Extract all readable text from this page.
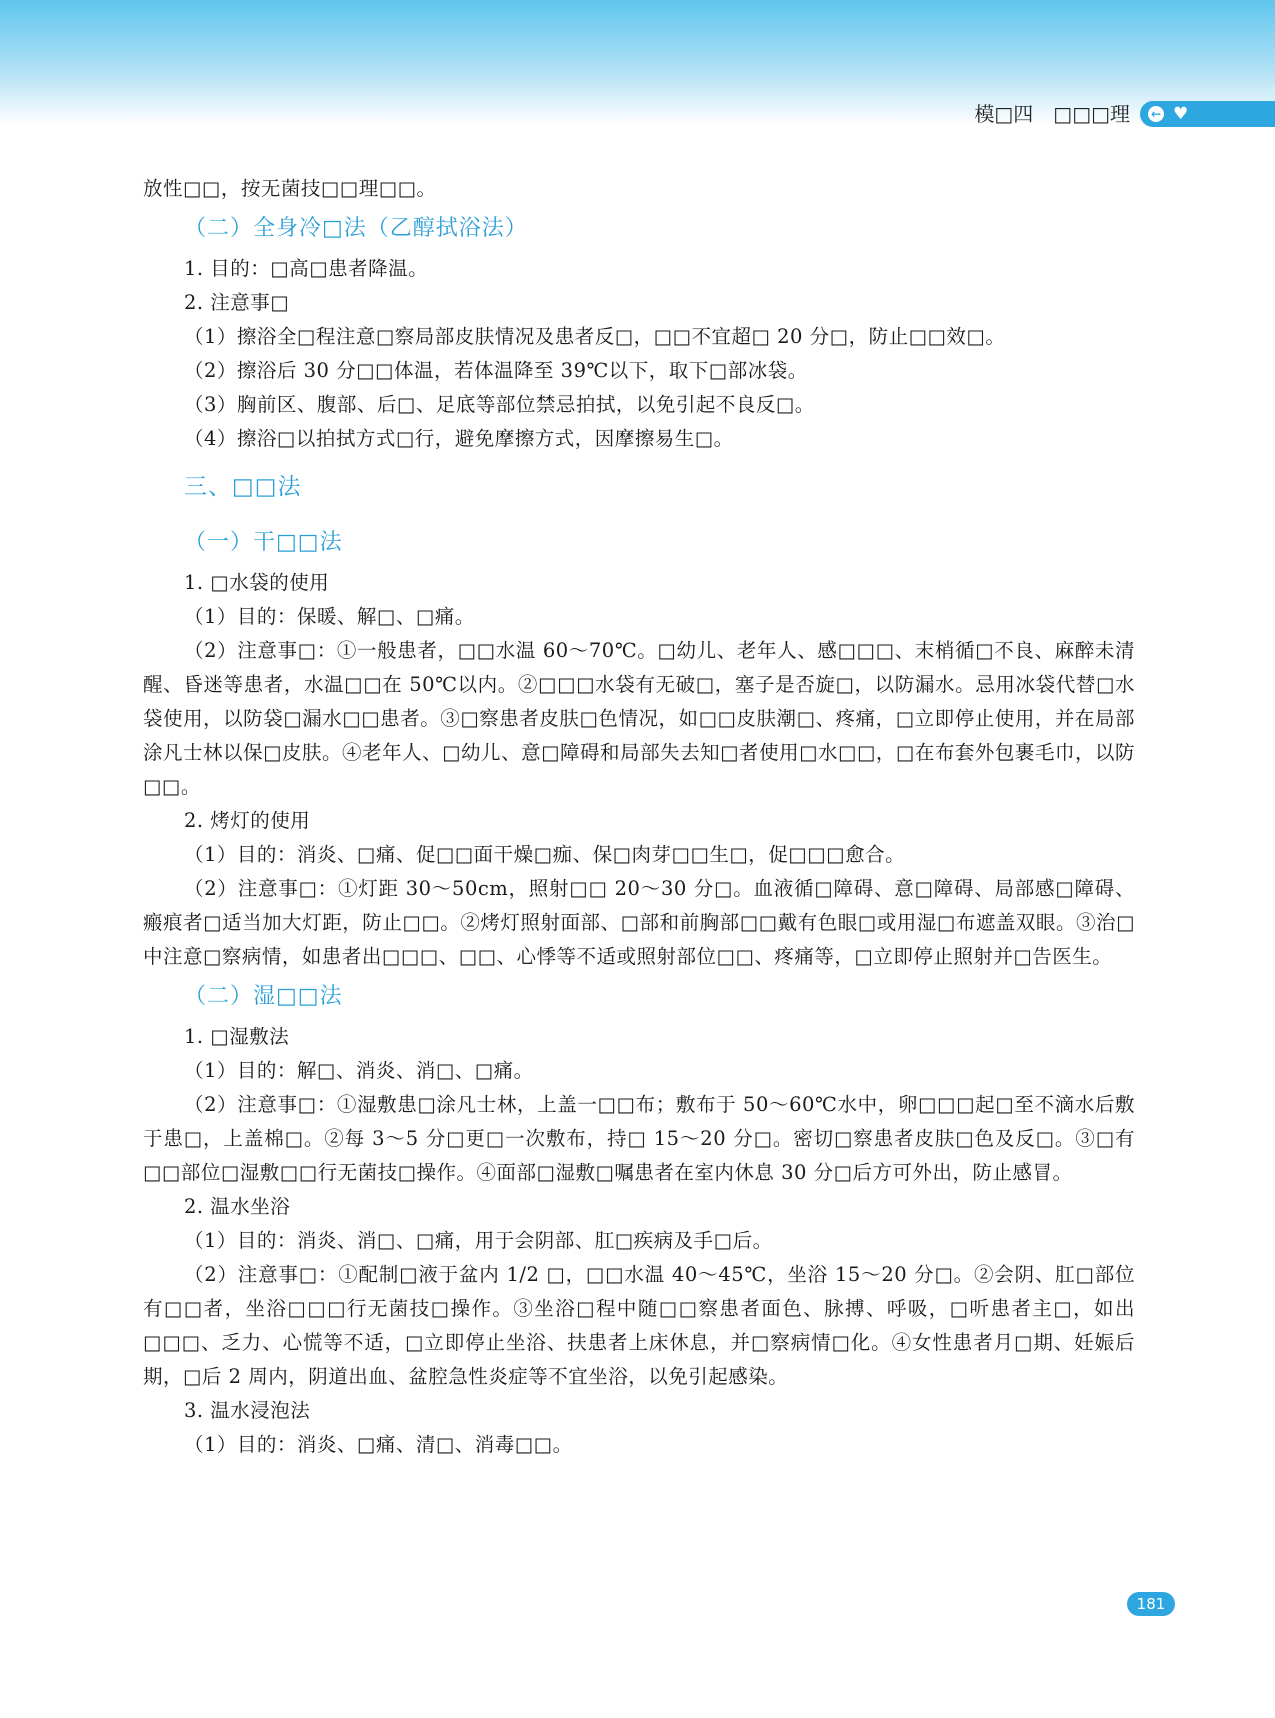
模□四　□□□理 ← ♥

放性□□，按无菌技□□理□□。

（二）全身冷□法（乙醇拭浴法）

1. 目的：□高□患者降温。

2. 注意事□

（1）擦浴全□程注意□察局部皮肤情况及患者反□，□□不宜超□ 20 分□，防止□□效□。

（2）擦浴后 30 分□□体温，若体温降至 39℃以下，取下□部冰袋。

（3）胸前区、腹部、后□、足底等部位禁忌拍拭，以免引起不良反□。

（4）擦浴□以拍拭方式□行，避免摩擦方式，因摩擦易生□。

三、□□法

（一）干□□法

1. □水袋的使用

（1）目的：保暖、解□、□痛。

（2）注意事□：①一般患者，□□水温 60～70℃。□幼儿、老年人、感□□□、末梢循□不良、麻醉未清醒、昏迷等患者，水温□□在 50℃以内。②□□□水袋有无破□，塞子是否旋□，以防漏水。忌用冰袋代替□水袋使用，以防袋□漏水□□患者。③□察患者皮肤□色情况，如□□皮肤潮□、疼痛，□立即停止使用，并在局部涂凡士林以保□皮肤。④老年人、□幼儿、意□障碍和局部失去知□者使用□水□□，□在布套外包裹毛巾，以防□□。

2. 烤灯的使用

（1）目的：消炎、□痛、促□□面干燥□痂、保□肉芽□□生□，促□□□愈合。

（2）注意事□：①灯距 30～50cm，照射□□ 20～30 分□。血液循□障碍、意□障碍、局部感□障碍、瘢痕者□适当加大灯距，防止□□。②烤灯照射面部、□部和前胸部□□戴有色眼□或用湿□布遮盖双眼。③治□中注意□察病情，如患者出□□□、□□、心悸等不适或照射部位□□、疼痛等，□立即停止照射并□告医生。

（二）湿□□法

1. □湿敷法

（1）目的：解□、消炎、消□、□痛。

（2）注意事□：①湿敷患□涂凡士林，上盖一□□布；敷布于 50～60℃水中，卵□□□起□至不滴水后敷于患□，上盖棉□。②每 3～5 分□更□一次敷布，持□ 15～20 分□。密切□察患者皮肤□色及反□。③□有□□部位□湿敷□□行无菌技□操作。④面部□湿敷□嘱患者在室内休息 30 分□后方可外出，防止感冒。

2. 温水坐浴

（1）目的：消炎、消□、□痛，用于会阴部、肛□疾病及手□后。

（2）注意事□：①配制□液于盆内 1/2 □，□□水温 40～45℃，坐浴 15～20 分□。②会阴、肛□部位有□□者，坐浴□□□行无菌技□操作。③坐浴□程中随□□察患者面色、脉搏、呼吸，□听患者主□，如出□□□、乏力、心慌等不适，□立即停止坐浴、扶患者上床休息，并□察病情□化。④女性患者月□期、妊娠后期，□后 2 周内，阴道出血、盆腔急性炎症等不宜坐浴，以免引起感染。

3. 温水浸泡法

（1）目的：消炎、□痛、清□、消毒□□。

181
